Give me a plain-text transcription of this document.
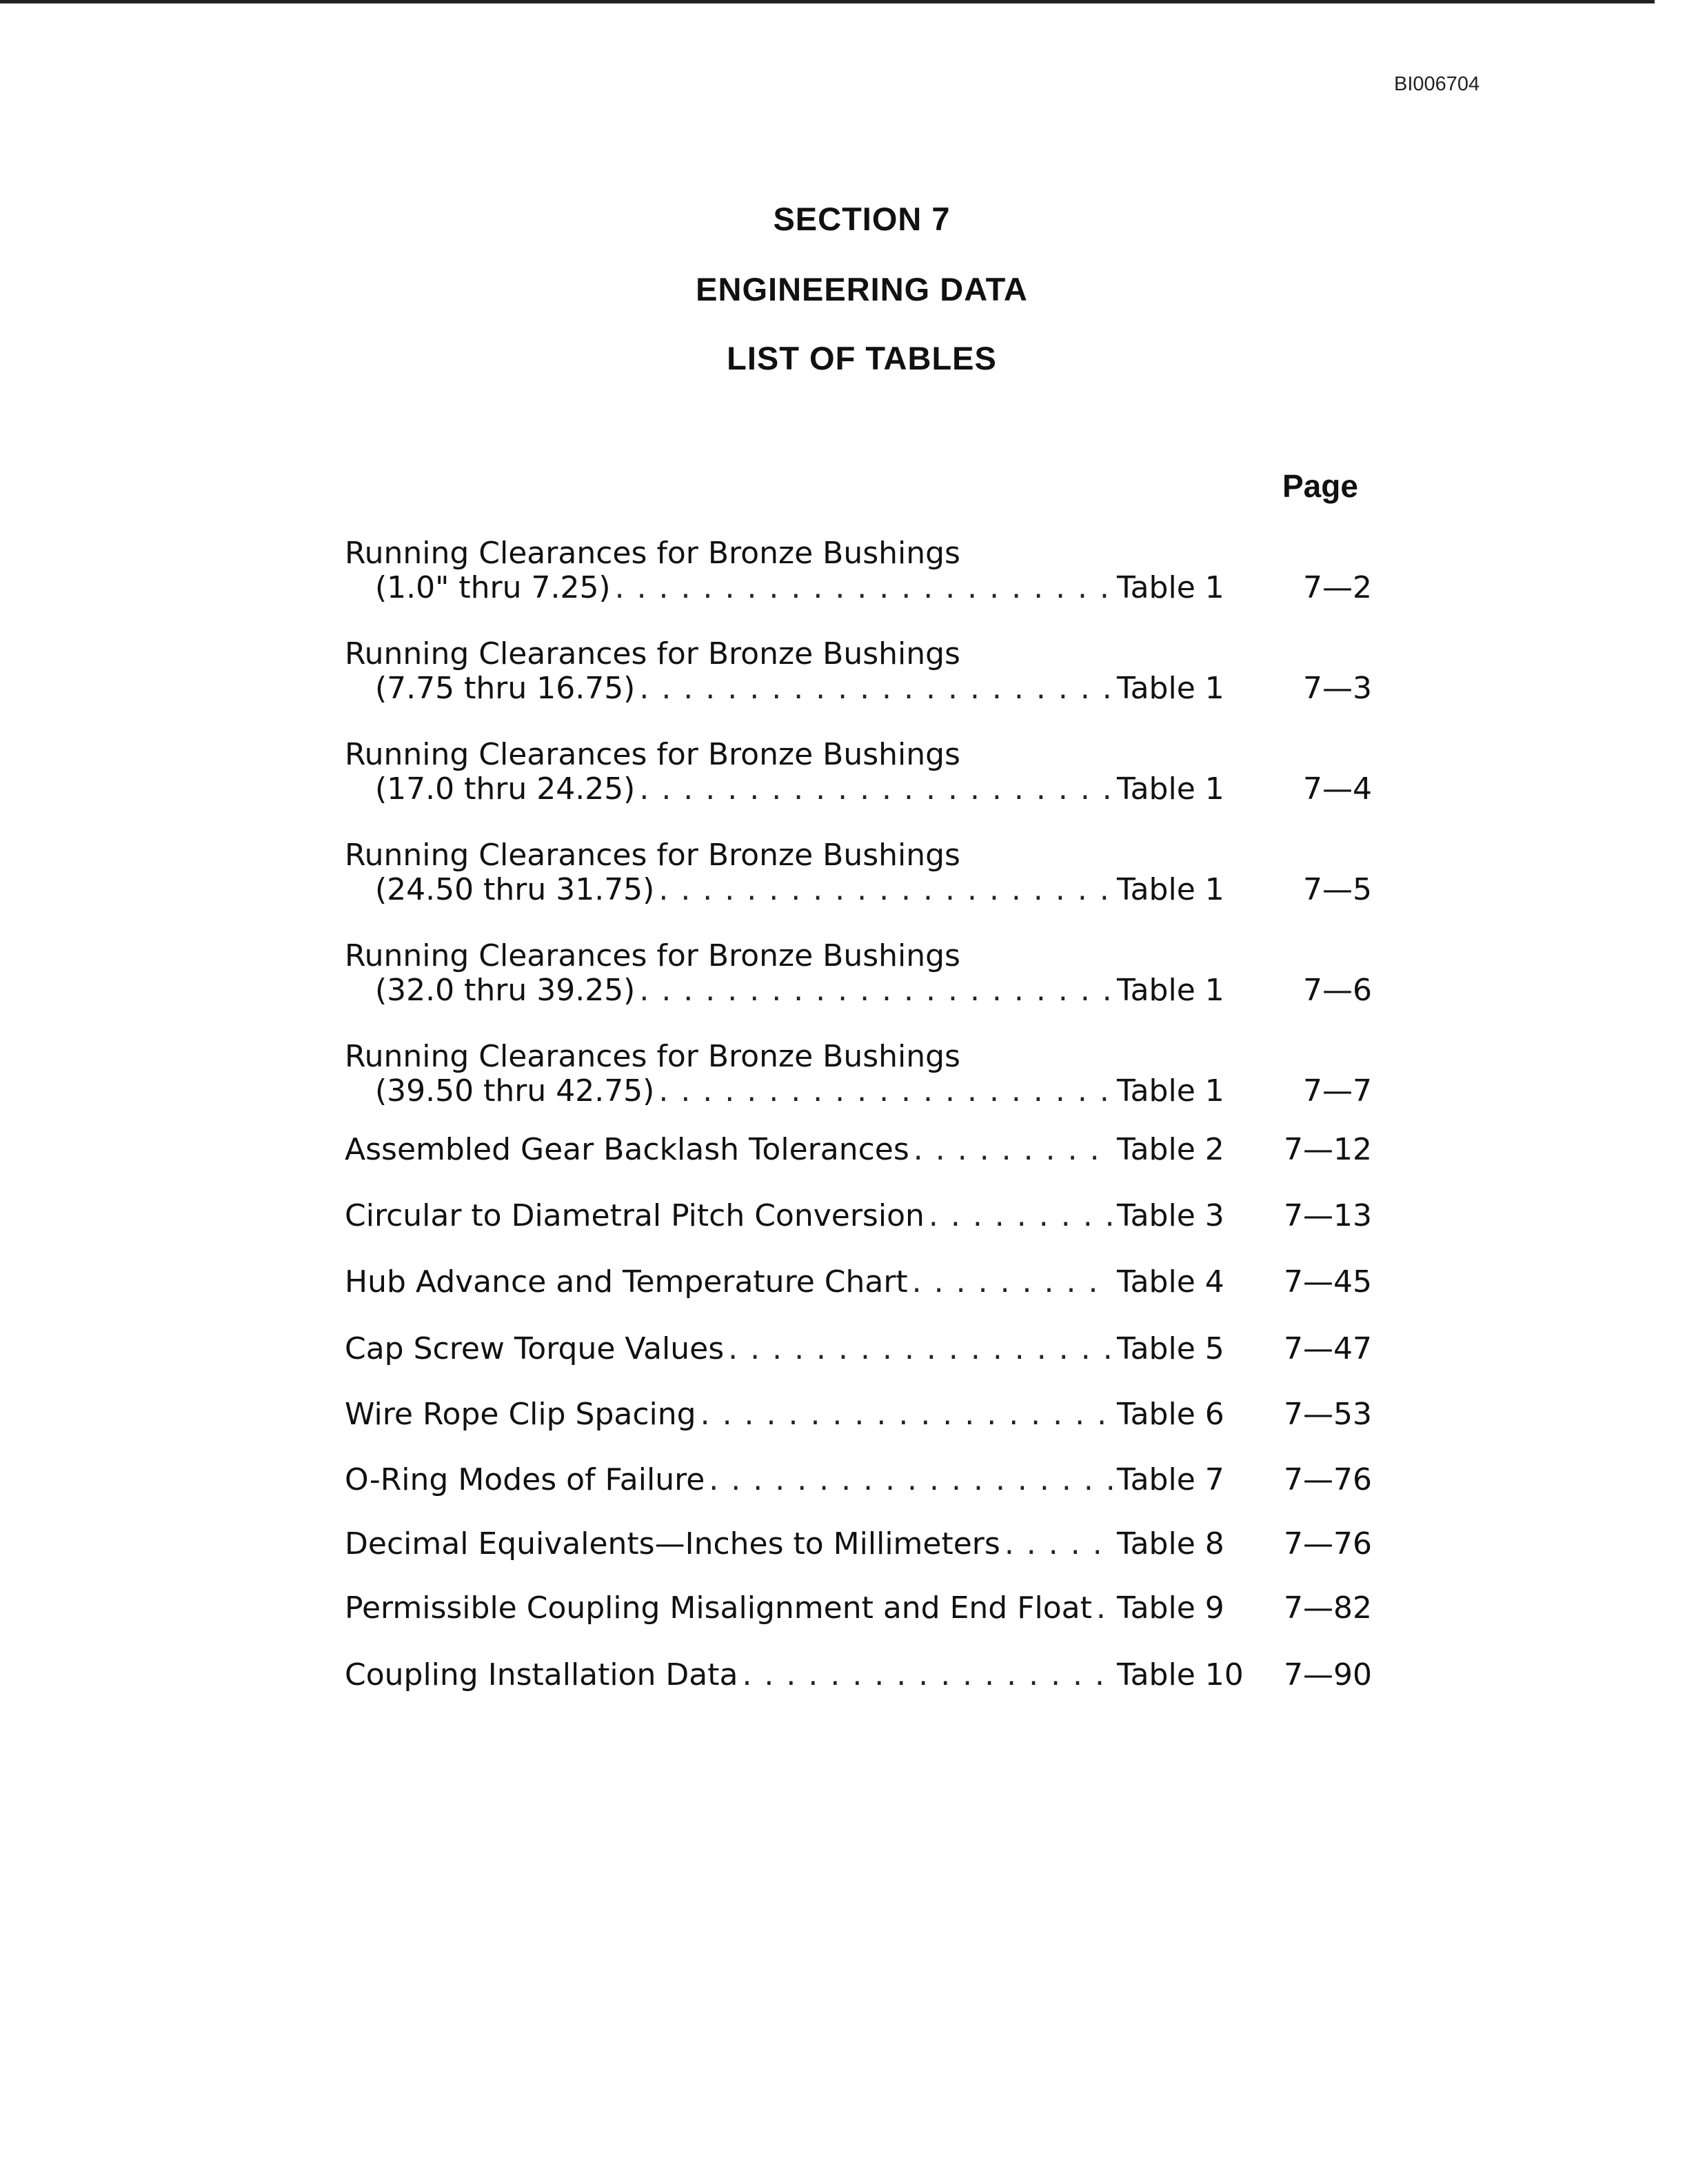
BI006704
SECTION 7
ENGINEERING DATA
LIST OF TABLES
Page
Running Clearances for Bronze Bushings
(1.0" thru 7.25) . . .	Table 1	7—2
Running Clearances for Bronze Bushings
(7.75 thru 16.75) . . .	Table 1	7—3
Running Clearances for Bronze Bushings
(17.0 thru 24.25) . . .	Table 1	7—4
Running Clearances for Bronze Bushings
(24.50 thru 31.75) . . .	Table 1	7—5
Running Clearances for Bronze Bushings
(32.0 thru 39.25) . . .	Table 1	7—6
Running Clearances for Bronze Bushings
(39.50 thru 42.75) . . .	Table 1	7—7
Assembled Gear Backlash Tolerances . . .	Table 2	7—12
Circular to Diametral Pitch Conversion . . .	Table 3	7—13
Hub Advance and Temperature Chart . . .	Table 4	7—45
Cap Screw Torque Values . . .	Table 5	7—47
Wire Rope Clip Spacing . . .	Table 6	7—53
O-Ring Modes of Failure . . .	Table 7	7—76
Decimal Equivalents—Inches to Millimeters . . .	Table 8	7—76
Permissible Coupling Misalignment and End Float . . . Table 9	7—82
Coupling Installation Data . . .	Table 10	7—90
